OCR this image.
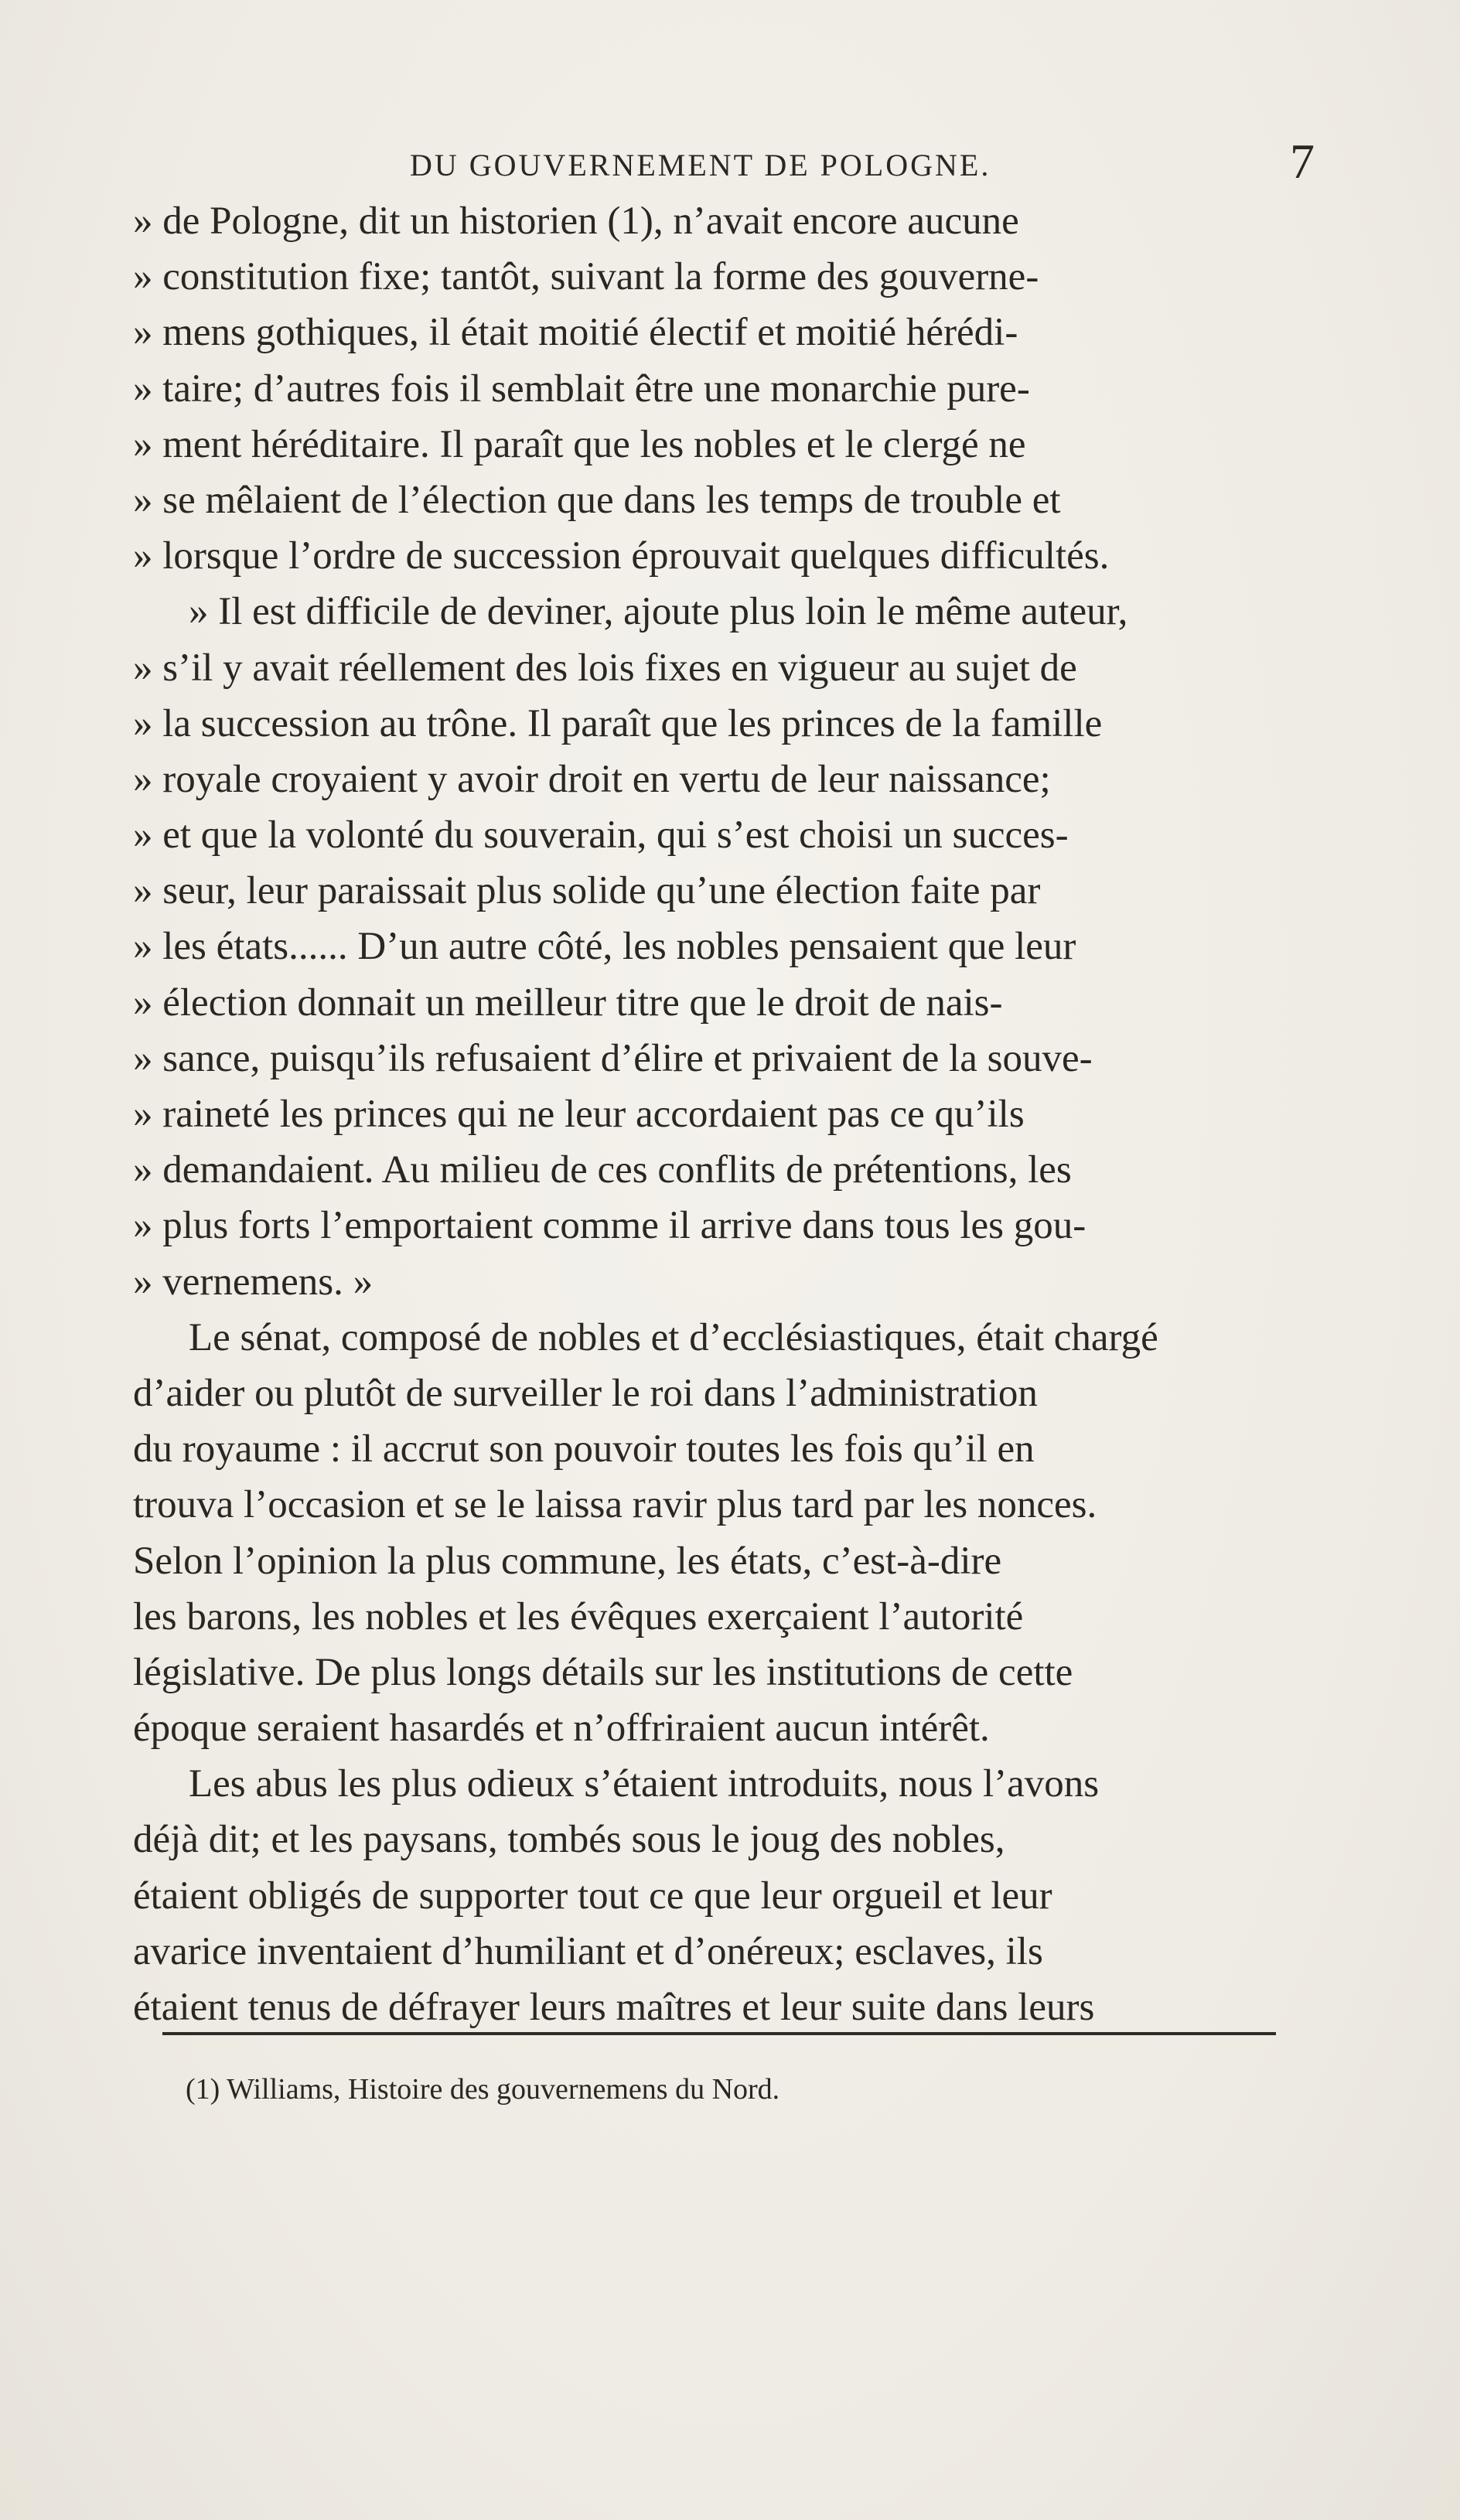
DU GOUVERNEMENT DE POLOGNE.	7
» de Pologne, dit un historien (1), n’avait encore aucune
» constitution fixe; tantôt, suivant la forme des gouverne-
» mens gothiques, il était moitié électif et moitié hérédi-
» taire; d’autres fois il semblait être une monarchie pure-
» ment héréditaire. Il paraît que les nobles et le clergé ne
» se mêlaient de l’élection que dans les temps de trouble et
» lorsque l’ordre de succession éprouvait quelques difficultés.
» Il est difficile de deviner, ajoute plus loin le même auteur,
» s’il y avait réellement des lois fixes en vigueur au sujet de
» la succession au trône. Il paraît que les princes de la famille
» royale croyaient y avoir droit en vertu de leur naissance;
» et que la volonté du souverain, qui s’est choisi un succes-
» seur, leur paraissait plus solide qu’une élection faite par
» les états...... D’un autre côté, les nobles pensaient que leur
» élection donnait un meilleur titre que le droit de nais-
» sance, puisqu’ils refusaient d’élire et privaient de la souve-
» raineté les princes qui ne leur accordaient pas ce qu’ils
» demandaient. Au milieu de ces conflits de prétentions, les
» plus forts l’emportaient comme il arrive dans tous les gou-
» vernemens. »
Le sénat, composé de nobles et d’ecclésiastiques, était chargé
d’aider ou plutôt de surveiller le roi dans l’administration
du royaume : il accrut son pouvoir toutes les fois qu’il en
trouva l’occasion et se le laissa ravir plus tard par les nonces.
Selon l’opinion la plus commune, les états, c’est-à-dire
les barons, les nobles et les évêques exerçaient l’autorité
législative. De plus longs détails sur les institutions de cette
époque seraient hasardés et n’offriraient aucun intérêt.
Les abus les plus odieux s’étaient introduits, nous l’avons
déjà dit; et les paysans, tombés sous le joug des nobles,
étaient obligés de supporter tout ce que leur orgueil et leur
avarice inventaient d’humiliant et d’onéreux; esclaves, ils
étaient tenus de défrayer leurs maîtres et leur suite dans leurs
(1) Williams, Histoire des gouvernemens du Nord.
